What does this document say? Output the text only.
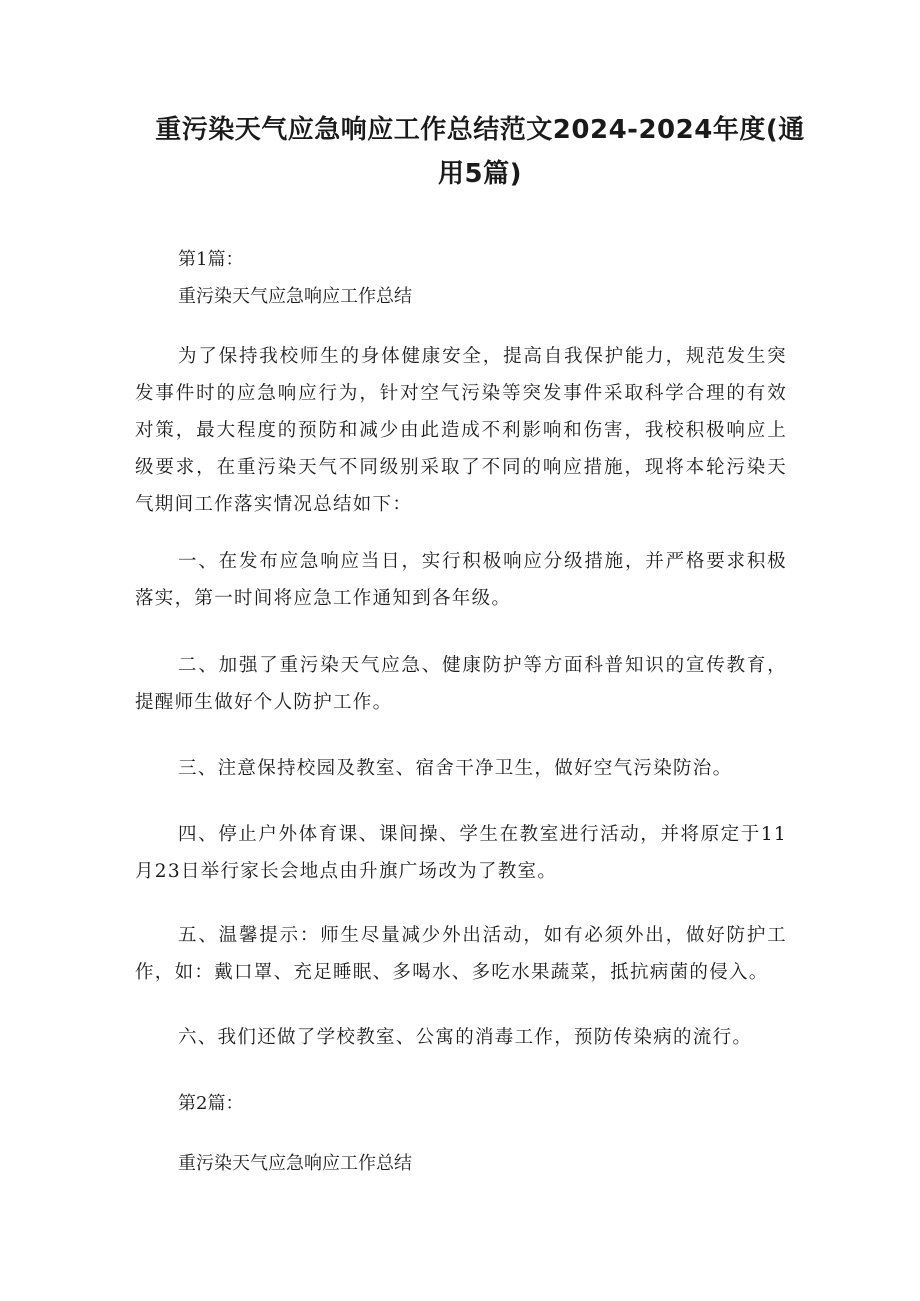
重污染天气应急响应工作总结范文2024-2024年度(通用5篇)
第1篇：
重污染天气应急响应工作总结
为了保持我校师生的身体健康安全，提高自我保护能力，规范发生突发事件时的应急响应行为，针对空气污染等突发事件采取科学合理的有效对策，最大程度的预防和减少由此造成不利影响和伤害，我校积极响应上级要求，在重污染天气不同级别采取了不同的响应措施，现将本轮污染天气期间工作落实情况总结如下：
一、在发布应急响应当日，实行积极响应分级措施，并严格要求积极落实，第一时间将应急工作通知到各年级。
二、加强了重污染天气应急、健康防护等方面科普知识的宣传教育，提醒师生做好个人防护工作。
三、注意保持校园及教室、宿舍干净卫生，做好空气污染防治。
四、停止户外体育课、课间操、学生在教室进行活动，并将原定于11月23日举行家长会地点由升旗广场改为了教室。
五、温馨提示：师生尽量减少外出活动，如有必须外出，做好防护工作，如：戴口罩、充足睡眠、多喝水、多吃水果蔬菜，抵抗病菌的侵入。
六、我们还做了学校教室、公寓的消毒工作，预防传染病的流行。
第2篇：
重污染天气应急响应工作总结
